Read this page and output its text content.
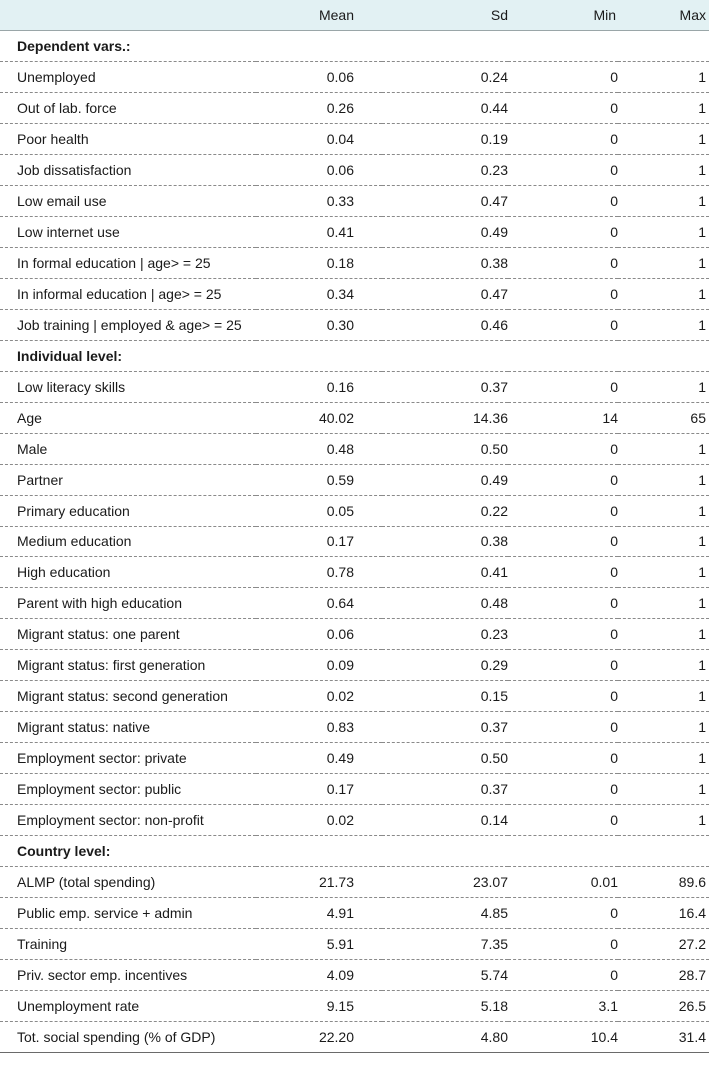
	Mean	Sd	Min	Max
Dependent vars.:				
Unemployed	0.06	0.24	0	1
Out of lab. force	0.26	0.44	0	1
Poor health	0.04	0.19	0	1
Job dissatisfaction	0.06	0.23	0	1
Low email use	0.33	0.47	0	1
Low internet use	0.41	0.49	0	1
In formal education | age> = 25	0.18	0.38	0	1
In informal education | age> = 25	0.34	0.47	0	1
Job training | employed & age> = 25	0.30	0.46	0	1
Individual level:				
Low literacy skills	0.16	0.37	0	1
Age	40.02	14.36	14	65
Male	0.48	0.50	0	1
Partner	0.59	0.49	0	1
Primary education	0.05	0.22	0	1
Medium education	0.17	0.38	0	1
High education	0.78	0.41	0	1
Parent with high education	0.64	0.48	0	1
Migrant status: one parent	0.06	0.23	0	1
Migrant status: first generation	0.09	0.29	0	1
Migrant status: second generation	0.02	0.15	0	1
Migrant status: native	0.83	0.37	0	1
Employment sector: private	0.49	0.50	0	1
Employment sector: public	0.17	0.37	0	1
Employment sector: non-profit	0.02	0.14	0	1
Country level:				
ALMP (total spending)	21.73	23.07	0.01	89.6
Public emp. service + admin	4.91	4.85	0	16.4
Training	5.91	7.35	0	27.2
Priv. sector emp. incentives	4.09	5.74	0	28.7
Unemployment rate	9.15	5.18	3.1	26.5
Tot. social spending (% of GDP)	22.20	4.80	10.4	31.4
